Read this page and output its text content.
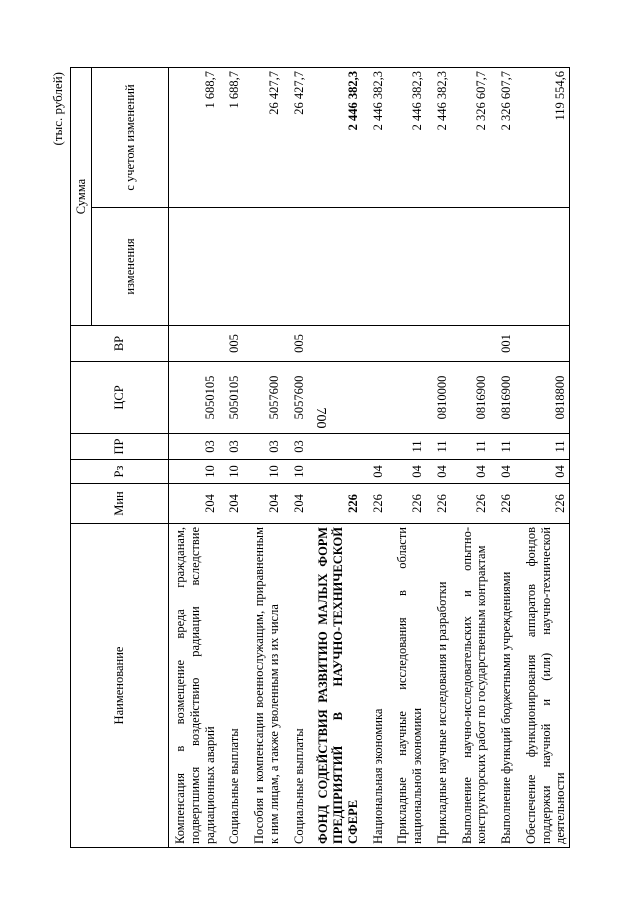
700
(тыс. рублей)
Наименование	Мин	Рз	ПР	ЦСР	ВР	Сумма	
						изменения	с учетом изменений
Компенсация в возмещение вреда гражданам, подвергшимся воздействию радиации вследствие радиационных аварий	204	10	03	5050105			1 688,7

Социальные выплаты	204	10	03	5050105	005		1 688,7

Пособия и компенсации военнослужащим, приравненным к ним лицам, а также уволенным из их числа	204	10	03	5057600			26 427,7

Социальные выплаты	204	10	03	5057600	005		26 427,7

ФОНД СОДЕЙСТВИЯ РАЗВИТИЮ МАЛЫХ ФОРМ ПРЕДПРИЯТИЙ В НАУЧНО-ТЕХНИЧЕСКОЙ СФЕРЕ	226						2 446 382,3

Национальная экономика	226	04					2 446 382,3

Прикладные научные исследования в области национальной экономики	226	04	11				2 446 382,3

Прикладные научные исследования и разработки	226	04	11	0810000			2 446 382,3

Выполнение научно-исследовательских и опытно-конструкторских работ по государственным контрактам	226	04	11	0816900			2 326 607,7

Выполнение функций бюджетными учреждениями	226	04	11	0816900	001		2 326 607,7

Обеспечение функционирования аппаратов фондов поддержки научной и (или) научно-технической деятельности	226	04	11	0818800			119 554,6
